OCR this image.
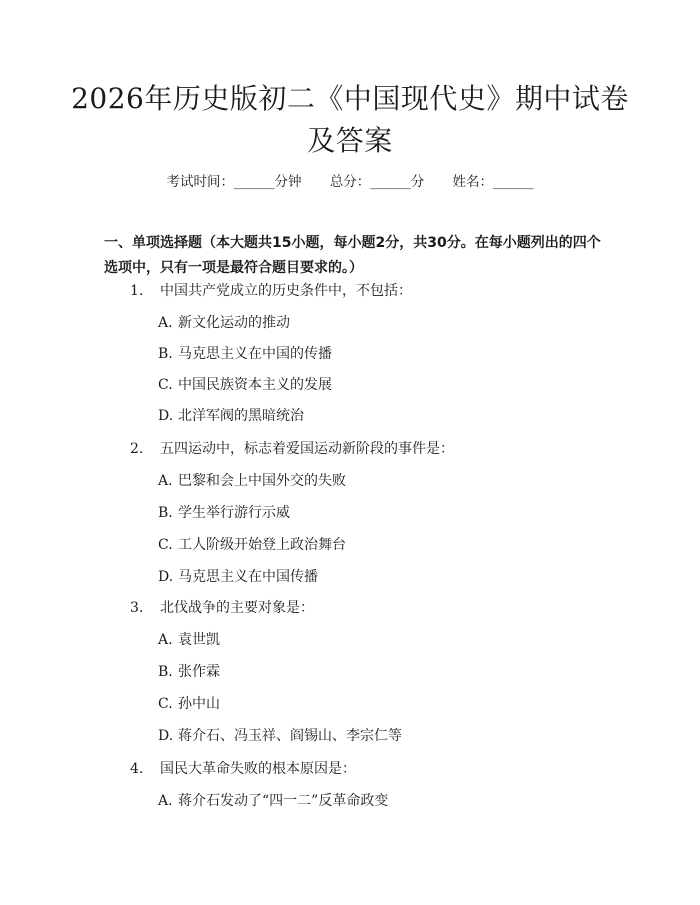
2026年历史版初二《中国现代史》期中试卷及答案
考试时间：______分钟 总分：______分 姓名：______

一、单项选择题（本大题共15小题，每小题2分，共30分。在每小题列出的四个选项中，只有一项是最符合题目要求的。）

1. 中国共产党成立的历史条件中，不包括：
A. 新文化运动的推动
B. 马克思主义在中国的传播
C. 中国民族资本主义的发展
D. 北洋军阀的黑暗统治
2. 五四运动中，标志着爱国运动新阶段的事件是：
A. 巴黎和会上中国外交的失败
B. 学生举行游行示威
C. 工人阶级开始登上政治舞台
D. 马克思主义在中国传播
3. 北伐战争的主要对象是：
A. 袁世凯
B. 张作霖
C. 孙中山
D. 蒋介石、冯玉祥、阎锡山、李宗仁等
4. 国民大革命失败的根本原因是：
A. 蒋介石发动了“四一二”反革命政变
